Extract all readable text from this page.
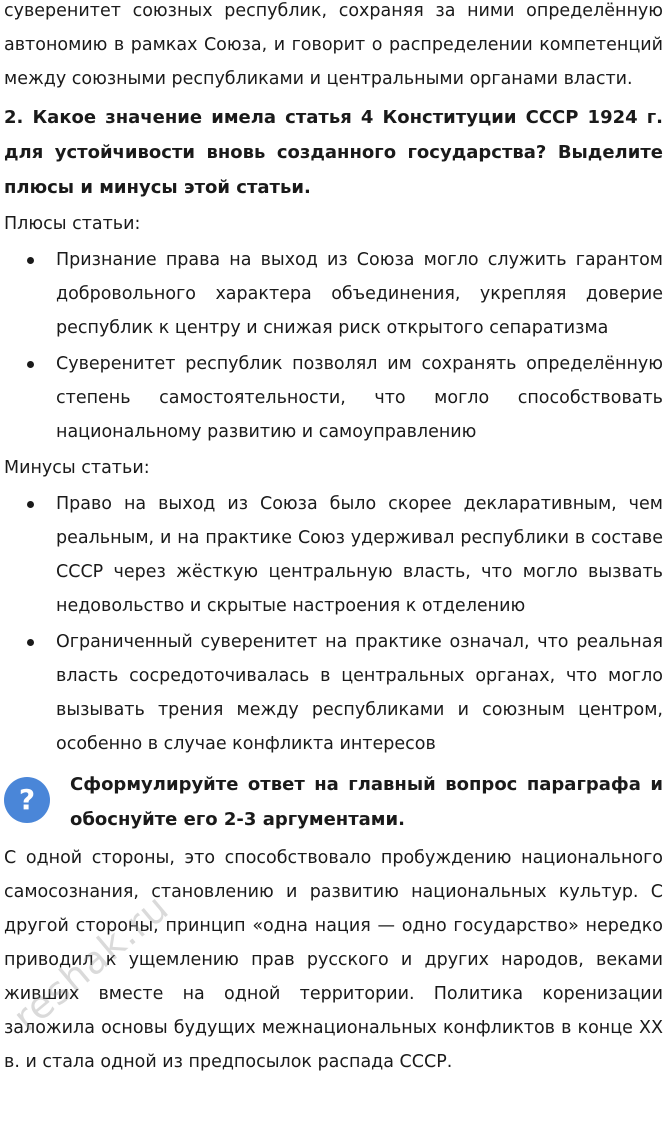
суверенитет союзных республик, сохраняя за ними определённую автономию в рамках Союза, и говорит о распределении компетенций между союзными республиками и центральными органами власти.

2. Какое значение имела статья 4 Конституции СССР 1924 г. для устойчивости вновь созданного государства? Выделите плюсы и минусы этой статьи.

Плюсы статьи:

Признание права на выход из Союза могло служить гарантом добровольного характера объединения, укрепляя доверие республик к центру и снижая риск открытого сепаратизма
Суверенитет республик позволял им сохранять определённую степень самостоятельности, что могло способствовать национальному развитию и самоуправлению

Минусы статьи:

Право на выход из Союза было скорее декларативным, чем реальным, и на практике Союз удерживал республики в составе СССР через жёсткую центральную власть, что могло вызвать недовольство и скрытые настроения к отделению
Ограниченный суверенитет на практике означал, что реальная власть сосредоточивалась в центральных органах, что могло вызывать трения между республиками и союзным центром, особенно в случае конфликта интересов
?	Сформулируйте ответ на главный вопрос параграфа и обоснуйте его 2-3 аргументами.

С одной стороны, это способствовало пробуждению национального самосознания, становлению и развитию национальных культур. С другой стороны, принцип «одна нация — одно государство» нередко приводил к ущемлению прав русского и других народов, веками живших вместе на одной территории. Политика коренизации заложила основы будущих межнациональных конфликтов в конце XX в. и стала одной из предпосылок распада СССР.

reshak.ru
